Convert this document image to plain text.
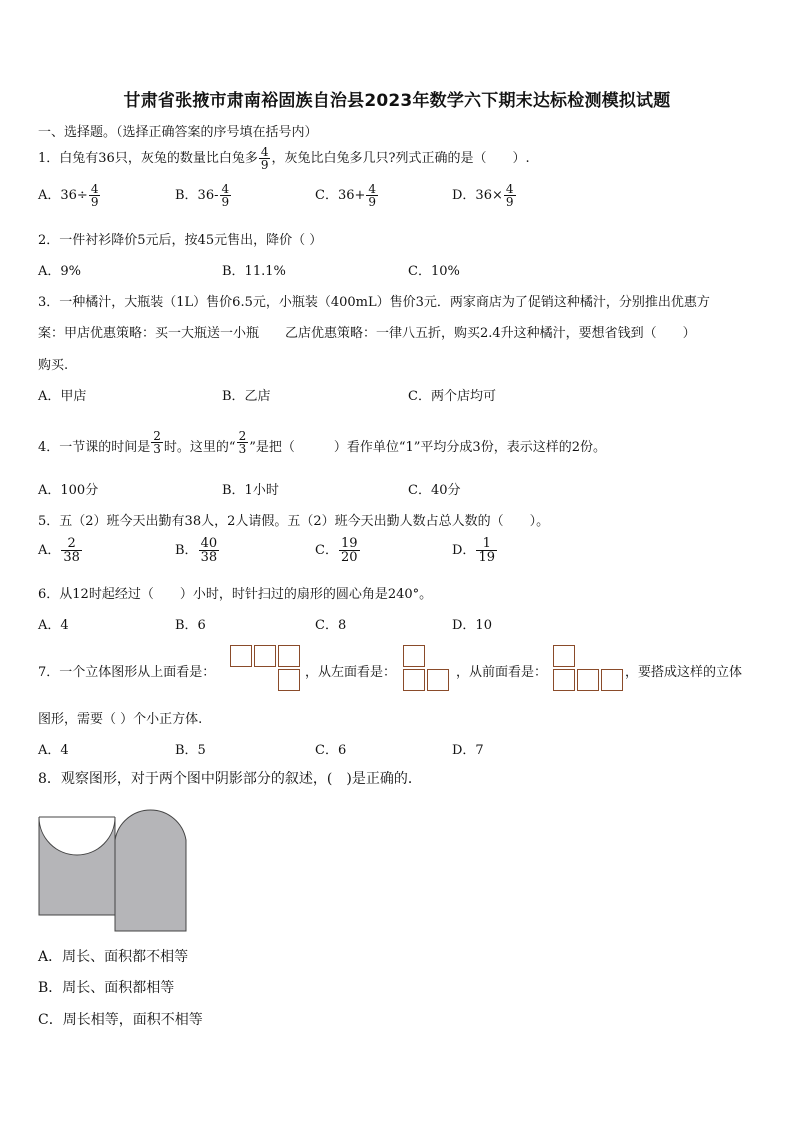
甘肃省张掖市肃南裕固族自治县2023年数学六下期末达标检测模拟试题
一、选择题。（选择正确答案的序号填在括号内）
1．白兔有36只，灰兔的数量比白兔多 $\frac{4}{9}$ ，灰兔比白兔多几只?列式正确的是（　　）.
A．$36\div \frac{4}{9}$	B．$36- \frac{4}{9}$	C．$36+ \frac{4}{9}$	D．$36\times \frac{4}{9}$
2．一件衬衫降价5元后，按45元售出，降价（ ）
A．9%	B．11.1%	C．10%
3．一种橘汁，大瓶装（1L）售价6.5元，小瓶装（400mL）售价3元．两家商店为了促销这种橘汁，分别推出优惠方
案：甲店优惠策略：买一大瓶送一小瓶　　乙店优惠策略：一律八五折，购买2.4升这种橘汁，要想省钱到（　　）
购买.
A．甲店	B．乙店	C．两个店均可
4．一节课的时间是 $\frac{2}{3}$ 时。这里的“ $\frac{2}{3}$ ”是把（　　　）看作单位“1”平均分成3份，表示这样的2份。
A．100分	B．1小时	C．40分
5．五（2）班今天出勤有38人，2人请假。五（2）班今天出勤人数占总人数的（　　）。
A． $\frac{2}{38}$	B． $\frac{40}{38}$	C． $\frac{19}{20}$	D． $\frac{1}{19}$
6．从12时起经过（　　）小时，时针扫过的扇形的圆心角是240°。
A．4	B．6	C．8	D．10
7．一个立体图形从上面看是：	，从左面看是：	，从前面看是：	，要搭成这样的立体
图形，需要（ ）个小正方体.
A．4	B．5	C．6	D．7
8．观察图形，对于两个图中阴影部分的叙述，(　)是正确的．
A．周长、面积都不相等
B．周长、面积都相等
C．周长相等，面积不相等
